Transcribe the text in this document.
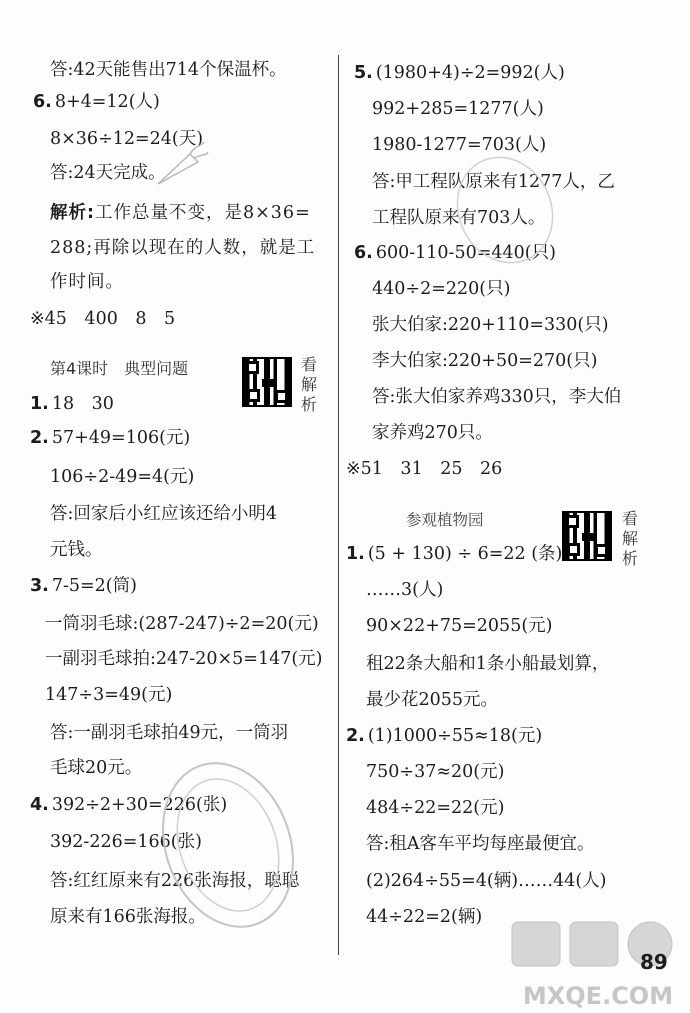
答:42天能售出714个保温杯。
6. 8+4=12(人)
8×36÷12=24(天)
答:24天完成。
解析:工作总量不变，是8×36=
288;再除以现在的人数，就是工
作时间。
※45　400　8　5
第4课时　典型问题	看解析
1. 18　30
2. 57+49=106(元)
106÷2-49=4(元)
答:回家后小红应该还给小明4
元钱。
3. 7-5=2(筒)
一筒羽毛球:(287-247)÷2=20(元)
一副羽毛球拍:247-20×5=147(元)
147÷3=49(元)
答:一副羽毛球拍49元，一筒羽
毛球20元。
4. 392÷2+30=226(张)
392-226=166(张)
答:红红原来有226张海报，聪聪
原来有166张海报。
5. (1980+4)÷2=992(人)
992+285=1277(人)
1980-1277=703(人)
答:甲工程队原来有1277人，乙
工程队原来有703人。
6. 600-110-50=440(只)
440÷2=220(只)
张大伯家:220+110=330(只)
李大伯家:220+50=270(只)
答:张大伯家养鸡330只，李大伯
家养鸡270只。
※51　31　25　26
参观植物园	看解析
1. (5 + 130) ÷ 6=22 (条)
……3(人)
90×22+75=2055(元)
租22条大船和1条小船最划算，
最少花2055元。
2. (1)1000÷55≈18(元)
750÷37≈20(元)
484÷22=22(元)
答:租A客车平均每座最便宜。
(2)264÷55=4(辆)……44(人)
44÷22=2(辆)
MXQE.COM
89
